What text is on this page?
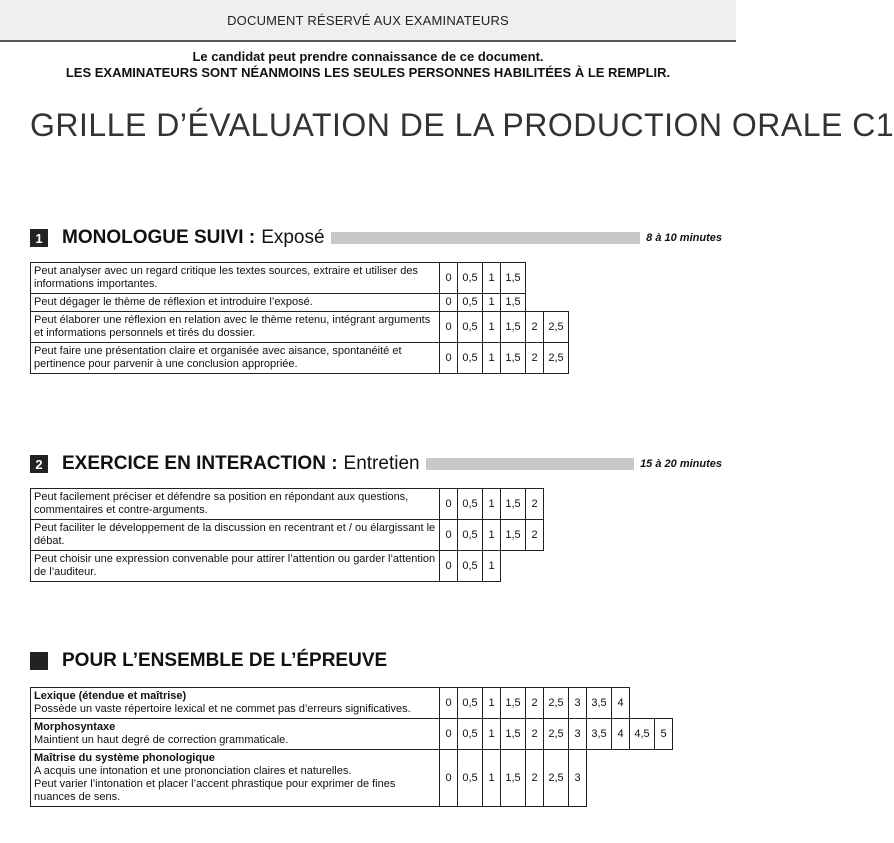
DOCUMENT RÉSERVÉ AUX EXAMINATEURS
Le candidat peut prendre connaissance de ce document.
LES EXAMINATEURS SONT NÉANMOINS LES SEULES PERSONNES HABILITÉES À LE REMPLIR.
GRILLE D’ÉVALUATION DE LA PRODUCTION ORALE C1
1 MONOLOGUE SUIVI : Exposé	8 à 10 minutes
Peut analyser avec un regard critique les textes sources, extraire et utiliser des informations importantes.	0	0,5	1	1,5		
Peut dégager le thème de réflexion et introduire l’exposé.	0	0,5	1	1,5		
Peut élaborer une réflexion en relation avec le thème retenu, intégrant arguments et informations personnels et tirés du dossier.	0	0,5	1	1,5	2	2,5
Peut faire une présentation claire et organisée avec aisance, spontanéité et pertinence pour parvenir à une conclusion appropriée.	0	0,5	1	1,5	2	2,5
2 EXERCICE EN INTERACTION : Entretien	15 à 20 minutes
Peut facilement préciser et défendre sa position en répondant aux questions, commentaires et contre-arguments.	0	0,5	1	1,5	2
Peut faciliter le développement de la discussion en recentrant et / ou élargissant le débat.	0	0,5	1	1,5	2
Peut choisir une expression convenable pour attirer l’attention ou garder l’attention de l’auditeur.	0	0,5	1		
POUR L’ENSEMBLE DE L’ÉPREUVE
Lexique (étendue et maîtrise)
Possède un vaste répertoire lexical et ne commet pas d’erreurs significatives.	0	0,5	1	1,5	2	2,5	3	3,5	4		

Morphosyntaxe
Maintient un haut degré de correction grammaticale.	0	0,5	1	1,5	2	2,5	3	3,5	4	4,5	5

Maîtrise du système phonologique
A acquis une intonation et une prononciation claires et naturelles.
Peut varier l’intonation et placer l’accent phrastique pour exprimer de fines nuances de sens.	0	0,5	1	1,5	2	2,5	3				
